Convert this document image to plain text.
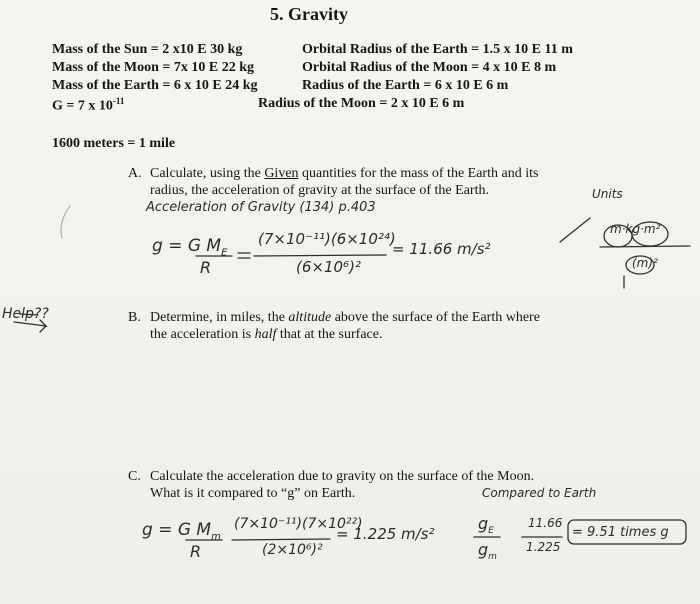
5. Gravity
Mass of the Sun = 2 x10 E 30 kg
Mass of the Moon = 7x 10 E 22 kg
Mass of the Earth = 6 x 10 E 24 kg
G = 7 x $10^{-11}$
Orbital Radius of the Earth = 1.5 x 10 E 11 m
Orbital Radius of the Moon = 4 x 10 E 8 m
Radius of the Earth = 6 x 10 E 6 m
Radius of the Moon = 2 x 10 E 6 m
1600 meters = 1 mile
A. Calculate, using the Given quantities for the mass of the Earth and its
radius, the acceleration of gravity at the surface of the Earth.
B. Determine, in miles, the altitude above the surface of the Earth where
the acceleration is half that at the surface.
C. Calculate the acceleration due to gravity on the surface of the Moon.
What is it compared to “g” on Earth.
Acceleration of Gravity (134) p.403
Units
g = G $M_E$
R
(7×10⁻¹¹)(6×10²⁴)
(6×10⁶)²
= 11.66 m/s²
m·kg·m²
(m)²
Help??
Compared to Earth
g = G $M_m$
R
(7×10⁻¹¹)(7×10²²)
(2×10⁶)²
= 1.225 m/s²
$g_E$
$g_m$
11.66
1.225
= 9.51 times g
